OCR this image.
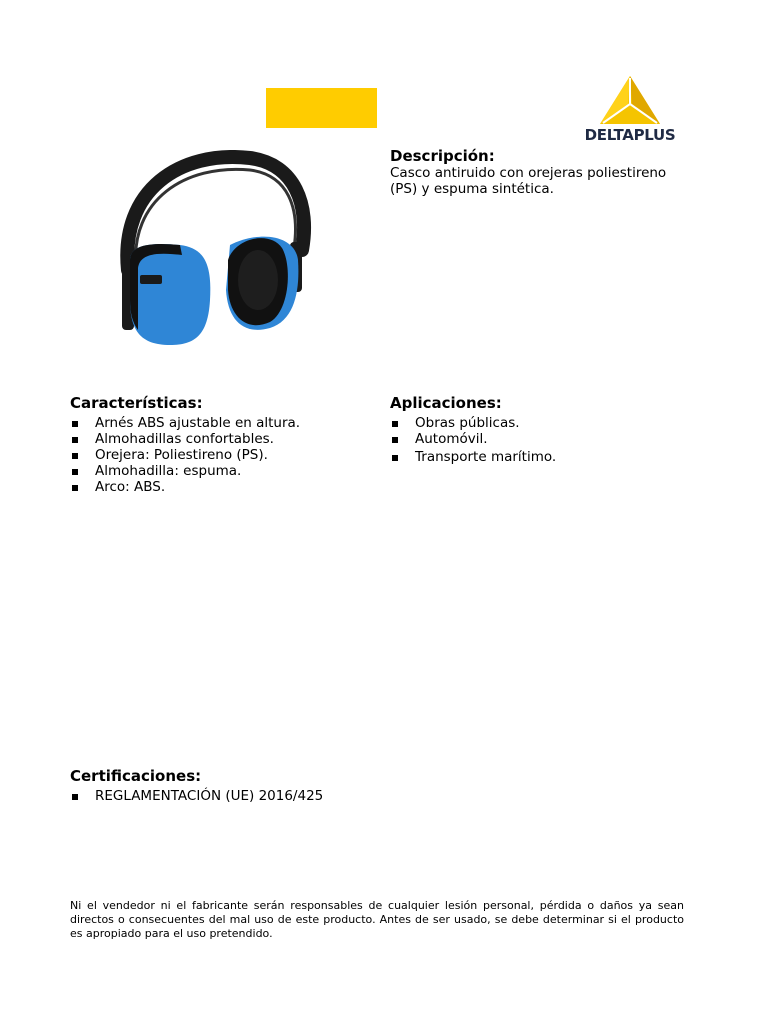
DELTAPLUS
Descripción:

Casco antiruido con orejeras poliestireno

(PS) y espuma sintética.

Características:
Arnés ABS ajustable en altura.
Almohadillas confortables.
Orejera: Poliestireno (PS).
Almohadilla: espuma.
Arco: ABS.
Aplicaciones:
Obras públicas.
Automóvil.
Transporte marítimo.
Certificaciones:
REGLAMENTACIÓN (UE) 2016/425

Ni el vendedor ni el fabricante serán responsables de cualquier lesión personal, pérdida o daños ya sean directos o consecuentes del mal uso de este producto. Antes de ser usado, se debe determinar si el producto es apropiado para el uso pretendido.
